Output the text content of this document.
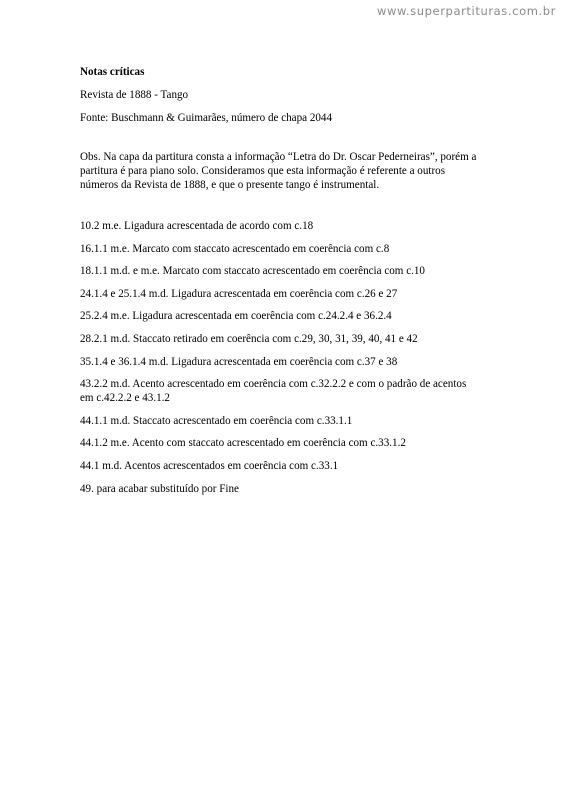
www.superpartituras.com.br

Notas críticas

Revista de 1888 - Tango

Fonte: Buschmann & Guimarães, número de chapa 2044

Obs. Na capa da partitura consta a informação “Letra do Dr. Oscar Pederneiras”, porém a partitura é para piano solo. Consideramos que esta informação é referente a outros números da Revista de 1888, e que o presente tango é instrumental.

10.2 m.e. Ligadura acrescentada de acordo com c.18
16.1.1 m.e. Marcato com staccato acrescentado em coerência com c.8
18.1.1 m.d. e m.e. Marcato com staccato acrescentado em coerência com c.10
24.1.4 e 25.1.4 m.d. Ligadura acrescentada em coerência com c.26 e 27
25.2.4 m.e. Ligadura acrescentada em coerência com c.24.2.4 e 36.2.4
28.2.1 m.d. Staccato retirado em coerência com c.29, 30, 31, 39, 40, 41 e 42
35.1.4 e 36.1.4 m.d. Ligadura acrescentada em coerência com c.37 e 38
43.2.2 m.d. Acento acrescentado em coerência com c.32.2.2 e com o padrão de acentos em c.42.2.2 e 43.1.2
44.1.1 m.d. Staccato acrescentado em coerência com c.33.1.1
44.1.2 m.e. Acento com staccato acrescentado em coerência com c.33.1.2
44.1 m.d. Acentos acrescentados em coerência com c.33.1
49. para acabar substituído por Fine
